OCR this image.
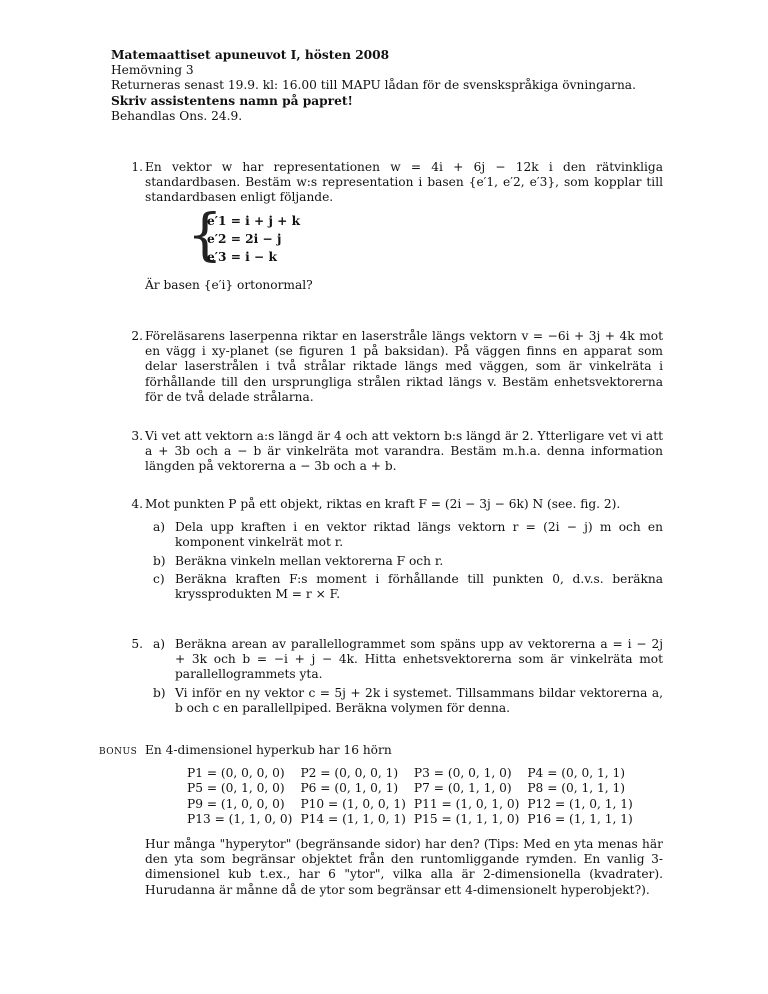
Matemaattiset apuneuvot I, hösten 2008
Hemövning 3
Returneras senast 19.9. kl: 16.00 till MAPU lådan för de svenskspråkiga övningarna.
Skriv assistentens namn på papret!
Behandlas Ons. 24.9.
1. En vektor w har representationen w = 4i + 6j − 12k i den rätvinkliga standardbasen. Bestäm w:s representation i basen {e′1, e′2, e′3}, som kopplar till standardbasen enligt följande.

{
e′1 = i + j + k
e′2 = 2i − j
e′3 = i − k

Är basen {e′i} ortonormal?

2. Föreläsarens laserpenna riktar en laserstråle längs vektorn v = −6i + 3j + 4k mot en vägg i xy-planet (se figuren 1 på baksidan). På väggen finns en apparat som delar laserstrålen i två strålar riktade längs med väggen, som är vinkelräta i förhållande till den ursprungliga strålen riktad längs v. Bestäm enhetsvektorerna för de två delade strålarna.

3. Vi vet att vektorn a:s längd är 4 och att vektorn b:s längd är 2. Ytterligare vet vi att a + 3b och a − b är vinkelräta mot varandra. Bestäm m.h.a. denna information längden på vektorerna a − 3b och a + b.

4. Mot punkten P på ett objekt, riktas en kraft F = (2i − 3j − 6k) N (see. fig. 2).

a) Dela upp kraften i en vektor riktad längs vektorn r = (2i − j) m och en komponent vinkelrät mot r.

b) Beräkna vinkeln mellan vektorerna F och r.

c) Beräkna kraften F:s moment i förhållande till punkten 0, d.v.s. beräkna kryssprodukten M = r × F.

5. a) Beräkna arean av parallellogrammet som späns upp av vektorerna a = i − 2j + 3k och b = −i + j − 4k. Hitta enhetsvektorerna som är vinkelräta mot parallellogrammets yta.

b) Vi inför en ny vektor c = 5j + 2k i systemet. Tillsammans bildar vektorerna a, b och c en parallellpiped. Beräkna volymen för denna.

BONUS En 4-dimensionel hyperkub har 16 hörn

P1 = (0, 0, 0, 0)	P2 = (0, 0, 0, 1)	P3 = (0, 0, 1, 0)	P4 = (0, 0, 1, 1)
P5 = (0, 1, 0, 0)	P6 = (0, 1, 0, 1)	P7 = (0, 1, 1, 0)	P8 = (0, 1, 1, 1)
P9 = (1, 0, 0, 0)	P10 = (1, 0, 0, 1)	P11 = (1, 0, 1, 0)	P12 = (1, 0, 1, 1)
P13 = (1, 1, 0, 0)	P14 = (1, 1, 0, 1)	P15 = (1, 1, 1, 0)	P16 = (1, 1, 1, 1)

Hur många "hyperytor" (begränsande sidor) har den? (Tips: Med en yta menas här den yta som begränsar objektet från den runtomliggande rymden. En vanlig 3-dimensionel kub t.ex., har 6 "ytor", vilka alla är 2-dimensionella (kvadrater). Hurudanna är månne då de ytor som begränsar ett 4-dimensionelt hyperobjekt?).
